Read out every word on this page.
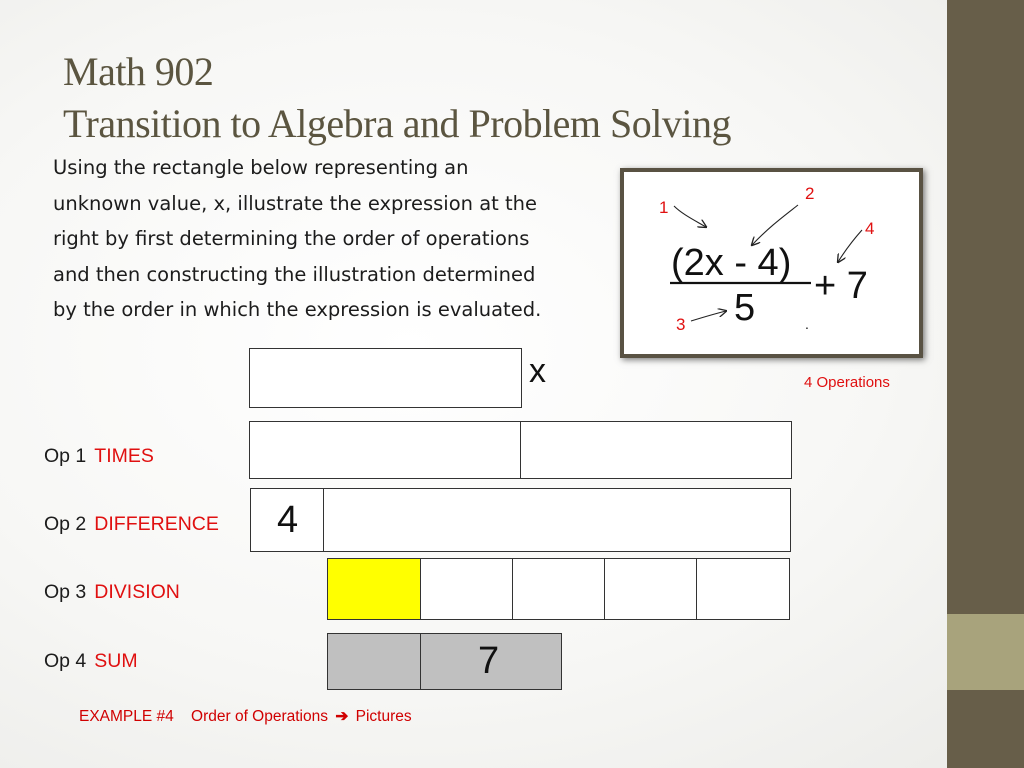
Math 902
Transition to Algebra and Problem Solving
Using the rectangle below representing an
unknown value, x, illustrate the expression at the
right by first determining the order of operations
and then constructing the illustration determined
by the order in which the expression is evaluated.
(2x - 4)
5
+ 7
.
1
2
4
3
4 Operations
x
Op 1 TIMES
Op 2 DIFFERENCE 4
Op 3 DIVISION
Op 4 SUM	7
EXAMPLE #4 Order of Operations ➔ Pictures
